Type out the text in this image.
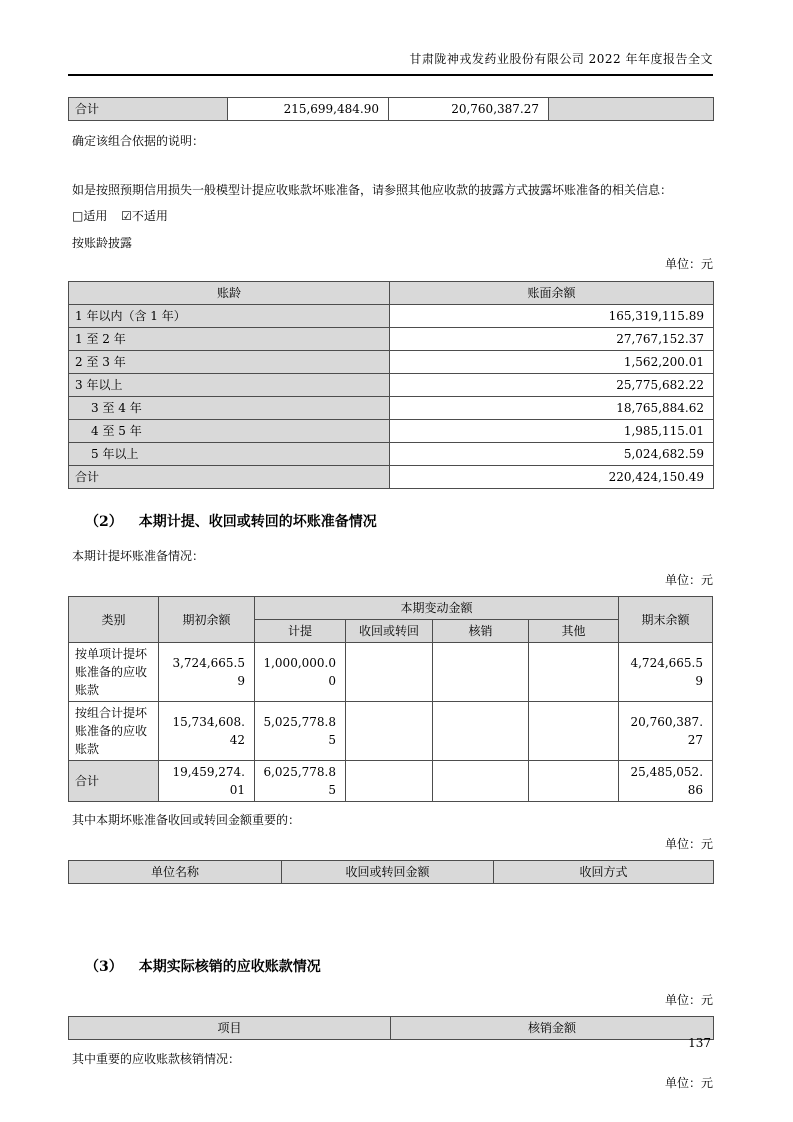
甘肃陇神戎发药业股份有限公司 2022 年年度报告全文
合计	215,699,484.90	20,760,387.27	

确定该组合依据的说明：

如是按照预期信用损失一般模型计提应收账款坏账准备，请参照其他应收款的披露方式披露坏账准备的相关信息：

□适用 ☑不适用

按账龄披露

单位：元

账龄	账面余额
1 年以内（含 1 年）	165,319,115.89
1 至 2 年	27,767,152.37
2 至 3 年	1,562,200.01
3 年以上	25,775,682.22
3 至 4 年	18,765,884.62
4 至 5 年	1,985,115.01
5 年以上	5,024,682.59
合计	220,424,150.49
（2） 本期计提、收回或转回的坏账准备情况

本期计提坏账准备情况：

单位：元

类别	期初余额	本期变动金额				期末余额
		计提	收回或转回	核销	其他	
按单项计提坏账准备的应收账款	3,724,665.59	1,000,000.00				4,724,665.59
按组合计提坏账准备的应收账款	15,734,608.42	5,025,778.85				20,760,387.27
合计	19,459,274.01	6,025,778.85				25,485,052.86

其中本期坏账准备收回或转回金额重要的：

单位：元

单位名称	收回或转回金额	收回方式
（3） 本期实际核销的应收账款情况

单位：元

项目	核销金额

其中重要的应收账款核销情况：

单位：元

137
